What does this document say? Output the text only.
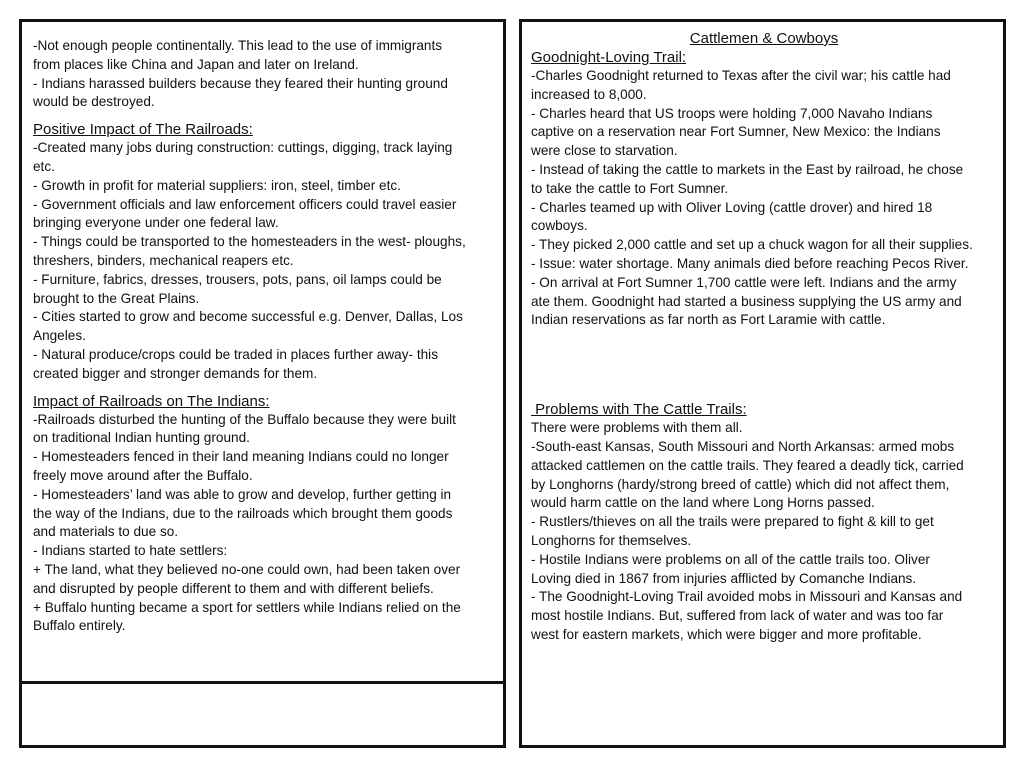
-Not enough people continentally. This lead to the use of immigrants
from places like China and Japan and later on Ireland.
- Indians harassed builders because they feared their hunting ground
would be destroyed.
Positive Impact of The Railroads:
-Created many jobs during construction: cuttings, digging, track laying
etc.
- Growth in profit for material suppliers: iron, steel, timber etc.
- Government officials and law enforcement officers could travel easier
bringing everyone under one federal law.
- Things could be transported to the homesteaders in the west- ploughs,
threshers, binders, mechanical reapers etc.
- Furniture, fabrics, dresses, trousers, pots, pans, oil lamps could be
brought to the Great Plains.
- Cities started to grow and become successful e.g. Denver, Dallas, Los
Angeles.
- Natural produce/crops could be traded in places further away- this
created bigger and stronger demands for them.
Impact of Railroads on The Indians:
-Railroads disturbed the hunting of the Buffalo because they were built
on traditional Indian hunting ground.
- Homesteaders fenced in their land meaning Indians could no longer
freely move around after the Buffalo.
- Homesteaders’ land was able to grow and develop, further getting in
the way of the Indians, due to the railroads which brought them goods
and materials to due so.
- Indians started to hate settlers:
+ The land, what they believed no-one could own, had been taken over
and disrupted by people different to them and with different beliefs.
+ Buffalo hunting became a sport for settlers while Indians relied on the
Buffalo entirely.
Cattlemen & Cowboys
Goodnight-Loving Trail:
-Charles Goodnight returned to Texas after the civil war; his cattle had
increased to 8,000.
- Charles heard that US troops were holding 7,000 Navaho Indians
captive on a reservation near Fort Sumner, New Mexico: the Indians
were close to starvation.
- Instead of taking the cattle to markets in the East by railroad, he chose
to take the cattle to Fort Sumner.
- Charles teamed up with Oliver Loving (cattle drover) and hired 18
cowboys.
- They picked 2,000 cattle and set up a chuck wagon for all their supplies.
- Issue: water shortage. Many animals died before reaching Pecos River.
- On arrival at Fort Sumner 1,700 cattle were left. Indians and the army
ate them. Goodnight had started a business supplying the US army and
Indian reservations as far north as Fort Laramie with cattle.
Problems with The Cattle Trails:
There were problems with them all.
-South-east Kansas, South Missouri and North Arkansas: armed mobs
attacked cattlemen on the cattle trails. They feared a deadly tick, carried
by Longhorns (hardy/strong breed of cattle) which did not affect them,
would harm cattle on the land where Long Horns passed.
- Rustlers/thieves on all the trails were prepared to fight & kill to get
Longhorns for themselves.
- Hostile Indians were problems on all of the cattle trails too. Oliver
Loving died in 1867 from injuries afflicted by Comanche Indians.
- The Goodnight-Loving Trail avoided mobs in Missouri and Kansas and
most hostile Indians. But, suffered from lack of water and was too far
west for eastern markets, which were bigger and more profitable.
